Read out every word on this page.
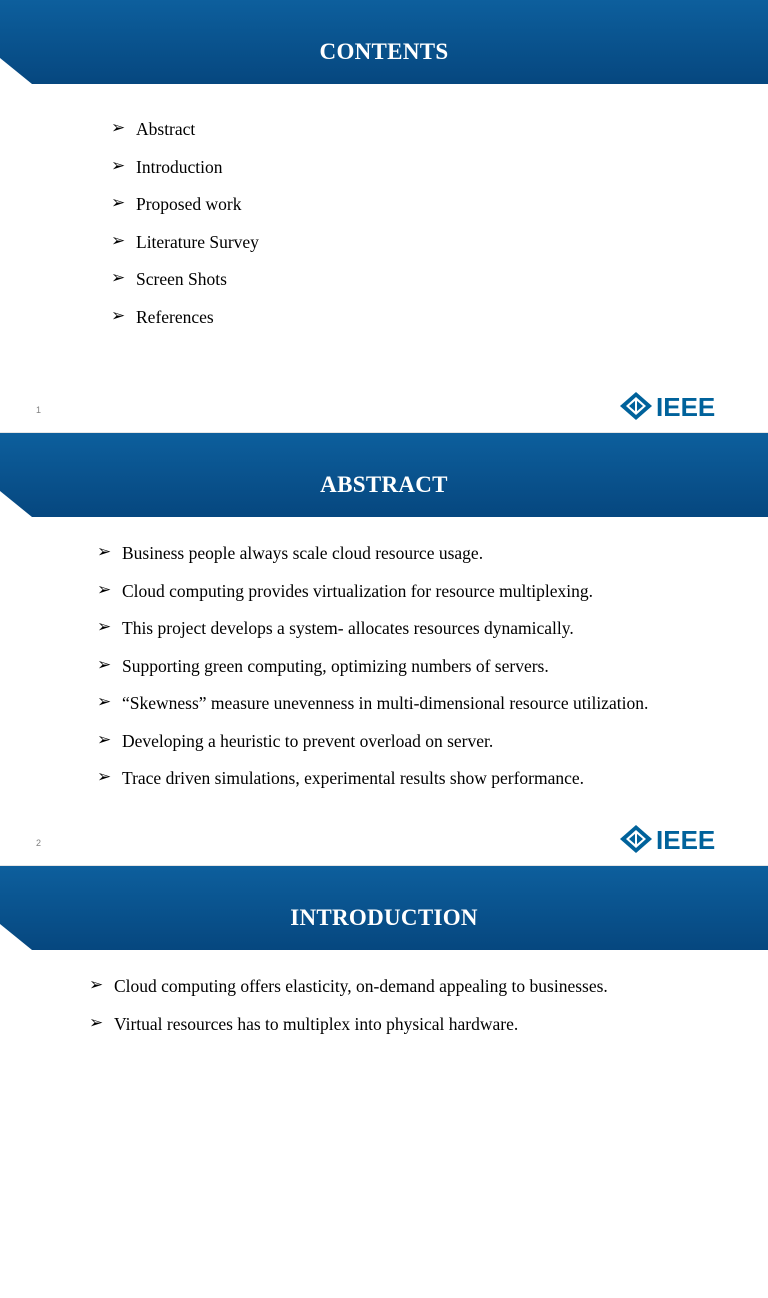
CONTENTS
➢ Abstract
➢ Introduction
➢ Proposed work
➢ Literature Survey
➢ Screen Shots
➢ References
1	IEEE
ABSTRACT
➢ Business people always scale cloud resource usage.
➢ Cloud computing provides virtualization for resource multiplexing.
➢ This project develops a system- allocates resources dynamically.
➢ Supporting green computing, optimizing numbers of servers.
➢ “Skewness” measure unevenness in multi-dimensional resource utilization.
➢ Developing a heuristic to prevent overload on server.
➢ Trace driven simulations, experimental results show performance.
2	IEEE
INTRODUCTION
➢ Cloud computing offers elasticity, on-demand appealing to businesses.
➢ Virtual resources has to multiplex into physical hardware.
